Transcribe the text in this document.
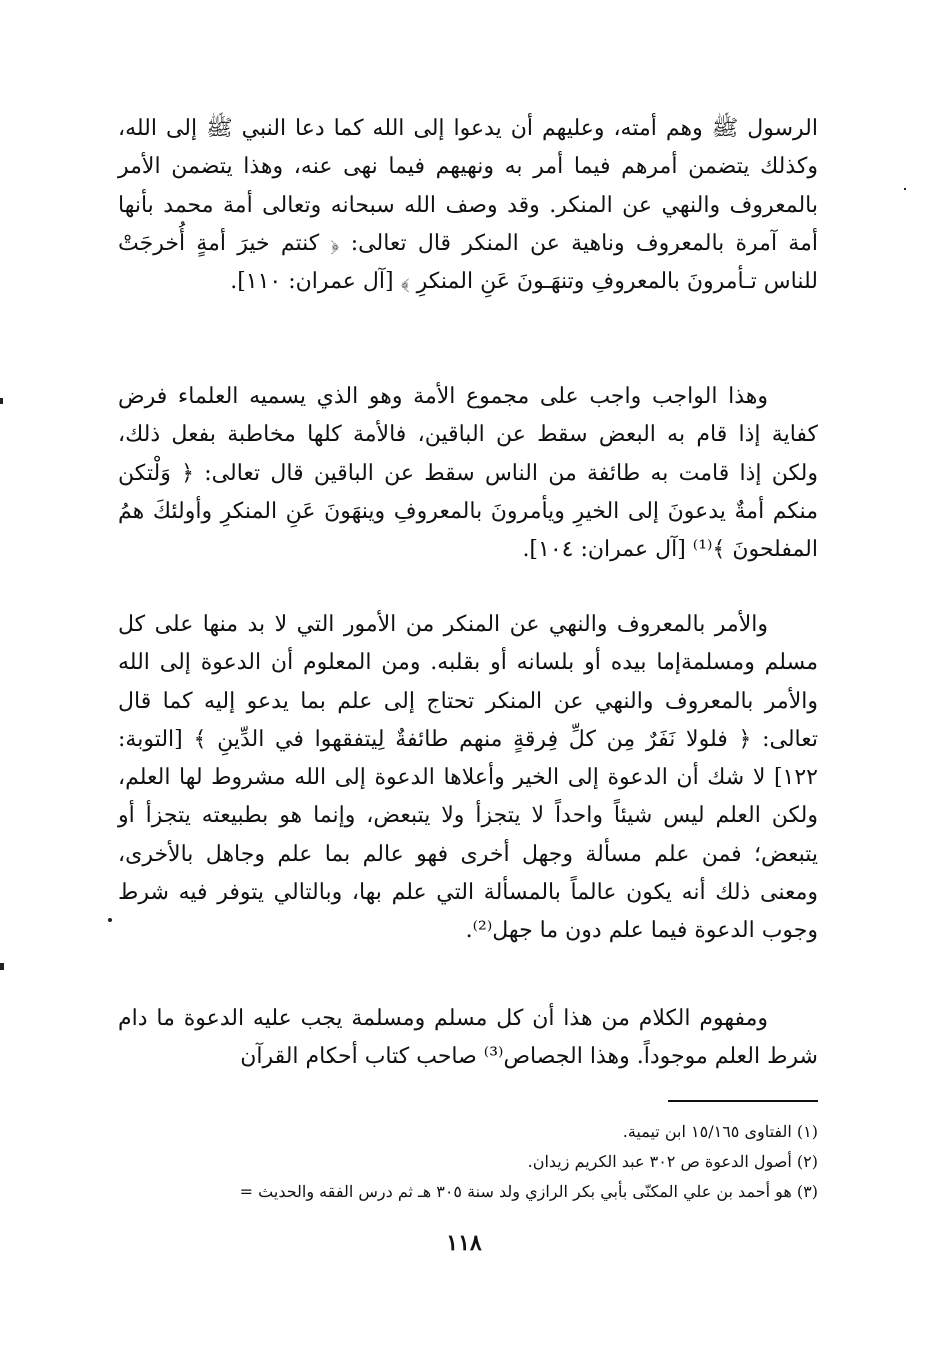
الرسول ﷺ وهم أمته، وعليهم أن يدعوا إلى الله كما دعا النبي ﷺ إلى الله، وكذلك يتضمن أمرهم فيما أمر به ونهيهم فيما نهى عنه، وهذا يتضمن الأمر بالمعروف والنهي عن المنكر. وقد وصف الله سبحانه وتعالى أمة محمد بأنها أمة آمرة بالمعروف وناهية عن المنكر قال تعالى: ﴿ كنتم خيرَ أمةٍ أُخرجَتْ للناس تـأمرونَ بالمعروفِ وتنهَـونَ عَنِ المنكرِ ﴾ [آل عمران: ١١٠].

وهذا الواجب واجب على مجموع الأمة وهو الذي يسميه العلماء فرض كفاية إذا قام به البعض سقط عن الباقين، فالأمة كلها مخاطبة بفعل ذلك، ولكن إذا قامت به طائفة من الناس سقط عن الباقين قال تعالى: ﴿ وَلْتكن منكم أمةٌ يدعونَ إلى الخيرِ ويأمرونَ بالمعروفِ وينهَونَ عَنِ المنكرِ وأولئكَ همُ المفلحونَ ﴾⁽¹⁾ [آل عمران: ١٠٤].

والأمر بالمعروف والنهي عن المنكر من الأمور التي لا بد منها على كل مسلم ومسلمةإما بيده أو بلسانه أو بقلبه. ومن المعلوم أن الدعوة إلى الله والأمر بالمعروف والنهي عن المنكر تحتاج إلى علم بما يدعو إليه كما قال تعالى: ﴿ فلولا نَفَرٌ مِن كلِّ فِرقةٍ منهم طائفةٌ لِيتفقهوا في الدِّينِ ﴾ [التوبة: ١٢٢] لا شك أن الدعوة إلى الخير وأعلاها الدعوة إلى الله مشروط لها العلم، ولكن العلم ليس شيئاً واحداً لا يتجزأ ولا يتبعض، وإنما هو بطبيعته يتجزأ أو يتبعض؛ فمن علم مسألة وجهل أخرى فهو عالم بما علم وجاهل بالأخرى، ومعنى ذلك أنه يكون عالماً بالمسألة التي علم بها، وبالتالي يتوفر فيه شرط وجوب الدعوة فيما علم دون ما جهل⁽²⁾.

ومفهوم الكلام من هذا أن كل مسلم ومسلمة يجب عليه الدعوة ما دام شرط العلم موجوداً. وهذا الجصاص⁽³⁾ صاحب كتاب أحكام القرآن

(١) الفتاوى ١٥/١٦٥ ابن تيمية.
(٢) أصول الدعوة ص ٣٠٢ عبد الكريم زيدان.
(٣) هو أحمد بن علي المكنّى بأبي بكر الرازي ولد سنة ٣٠٥ هـ ثم درس الفقه والحديث =
١١٨
